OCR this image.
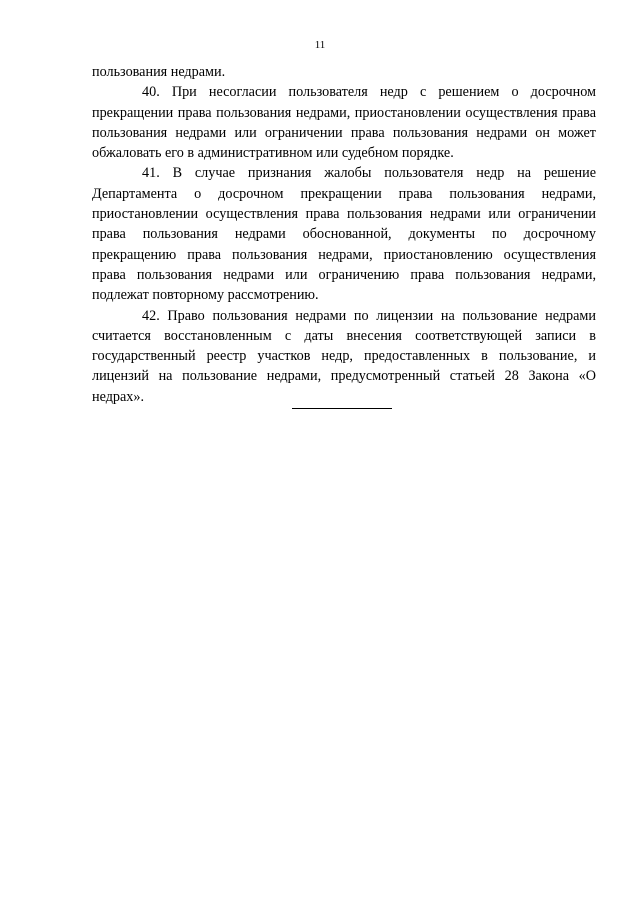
11

пользования недрами.

40. При несогласии пользователя недр с решением о досрочном прекращении права пользования недрами, приостановлении осуществления права пользования недрами или ограничении права пользования недрами он может обжаловать его в административном или судебном порядке.

41. В случае признания жалобы пользователя недр на решение Департамента о досрочном прекращении права пользования недрами, приостановлении осуществления права пользования недрами или ограничении права пользования недрами обоснованной, документы по досрочному прекращению права пользования недрами, приостановлению осуществления права пользования недрами или ограничению права пользования недрами, подлежат повторному рассмотрению.

42. Право пользования недрами по лицензии на пользование недрами считается восстановленным с даты внесения соответствующей записи в государственный реестр участков недр, предоставленных в пользование, и лицензий на пользование недрами, предусмотренный статьей 28 Закона «О недрах».
